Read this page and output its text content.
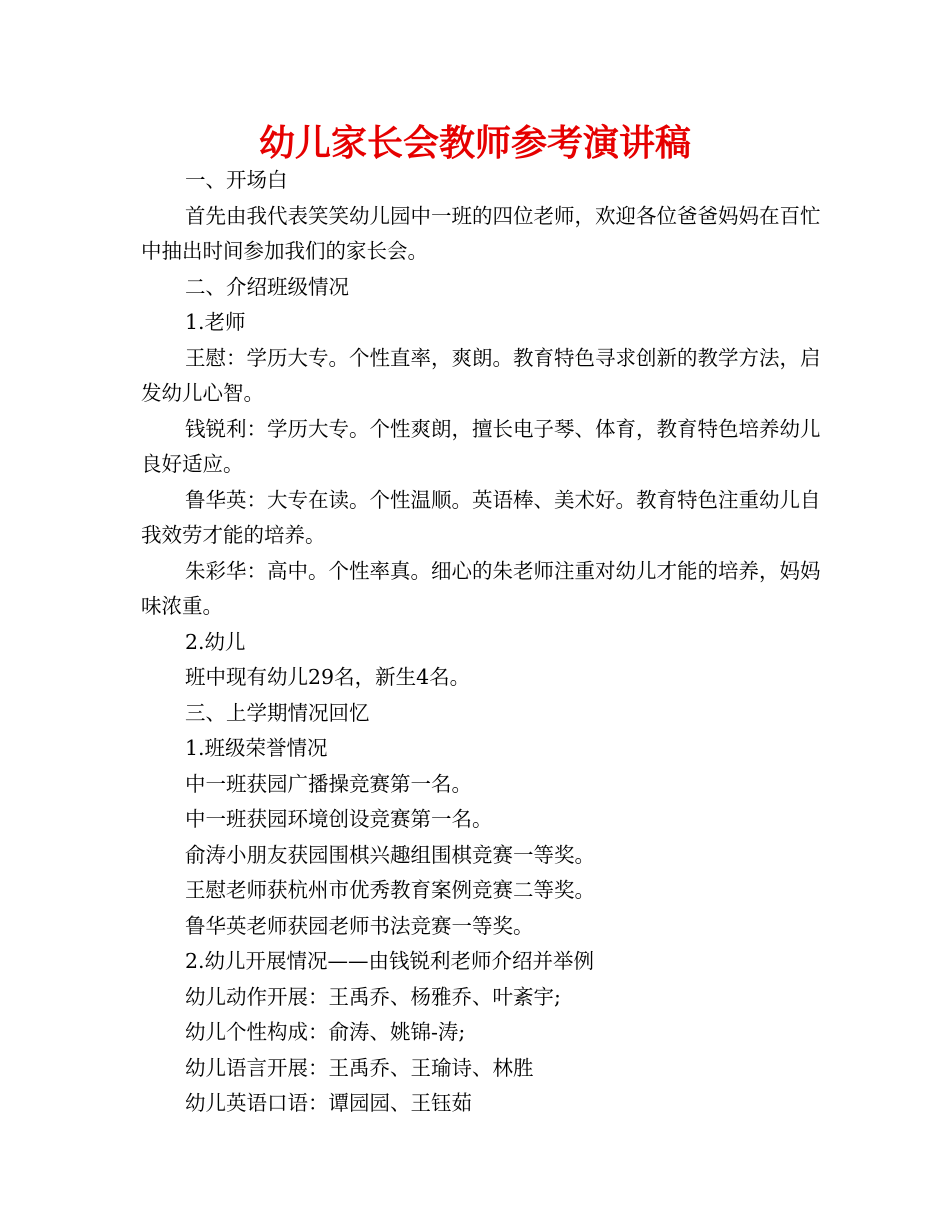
幼儿家长会教师参考演讲稿

一、开场白

首先由我代表笑笑幼儿园中一班的四位老师，欢迎各位爸爸妈妈在百忙中抽出时间参加我们的家长会。

二、介绍班级情况

1.老师

王慰：学历大专。个性直率，爽朗。教育特色寻求创新的教学方法，启发幼儿心智。

钱锐利：学历大专。个性爽朗，擅长电子琴、体育，教育特色培养幼儿良好适应。

鲁华英：大专在读。个性温顺。英语棒、美术好。教育特色注重幼儿自我效劳才能的培养。

朱彩华：高中。个性率真。细心的朱老师注重对幼儿才能的培养，妈妈味浓重。

2.幼儿

班中现有幼儿29名，新生4名。

三、上学期情况回忆

1.班级荣誉情况

中一班获园广播操竞赛第一名。

中一班获园环境创设竞赛第一名。

俞涛小朋友获园围棋兴趣组围棋竞赛一等奖。

王慰老师获杭州市优秀教育案例竞赛二等奖。

鲁华英老师获园老师书法竞赛一等奖。

2.幼儿开展情况——由钱锐利老师介绍并举例

幼儿动作开展：王禹乔、杨雅乔、叶紊宇;

幼儿个性构成：俞涛、姚锦-涛;

幼儿语言开展：王禹乔、王瑜诗、林胜

幼儿英语口语：谭园园、王钰茹
